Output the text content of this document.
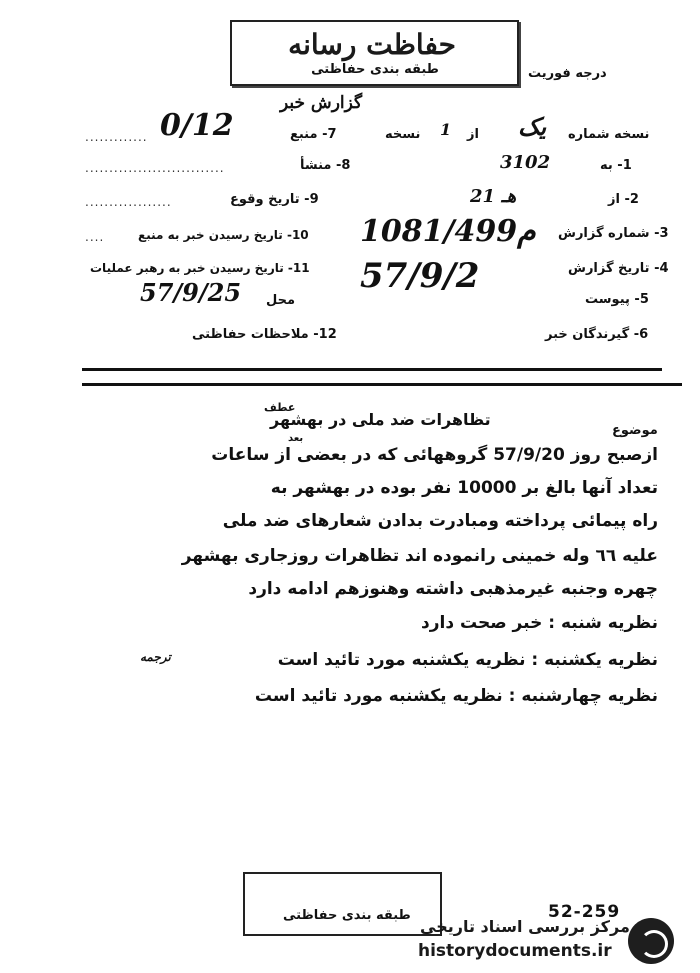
حفاظت رسانه
طبقه بندی حفاظتی	درجه فوریت
گزارش خبر
نسخه شماره
یک
از
1
نسخه
7- منبع
0/12
.............
1- به
3102
8- منشأ
.............................
2- از
2هـ 1
9- تاریخ وقوع
..................
3- شماره گزارش
1081/499م
10- تاریخ رسیدن خبر به منبع
....
4- تاریخ گزارش
57/9/2
11- تاریخ رسیدن خبر به رهبر عملیات
5- پیوست
محل
57/9/25
6- گیرندگان خبر
12- ملاحظات حفاظتی
موضوع
تظاهرات ضد ملی در بهشهر
عطف
بعد
ازصبح روز 57/9/20 گروههائی که در بعضی از ساعات
تعداد آنها بالغ بر 10000 نفر بوده در بهشهر به
راه پیمائی پرداخته ومبادرت بدادن شعارهای ضد ملی
علیه ٦٦ وله خمینی رانموده اند تظاهرات روزجاری بهشهر
چهره وجنبه غیرمذهبی داشته وهنوزهم ادامه دارد
نظریه شنبه : خبر صحت دارد
نظریه یکشنبه : نظریه یکشنبه مورد تائید است
ترجمه
نظریه چهارشنبه : نظریه یکشنبه مورد تائید است
طبقه بندی حفاظتی	52-259
مرکز بررسی اسناد تاریخی
historydocuments.ir
